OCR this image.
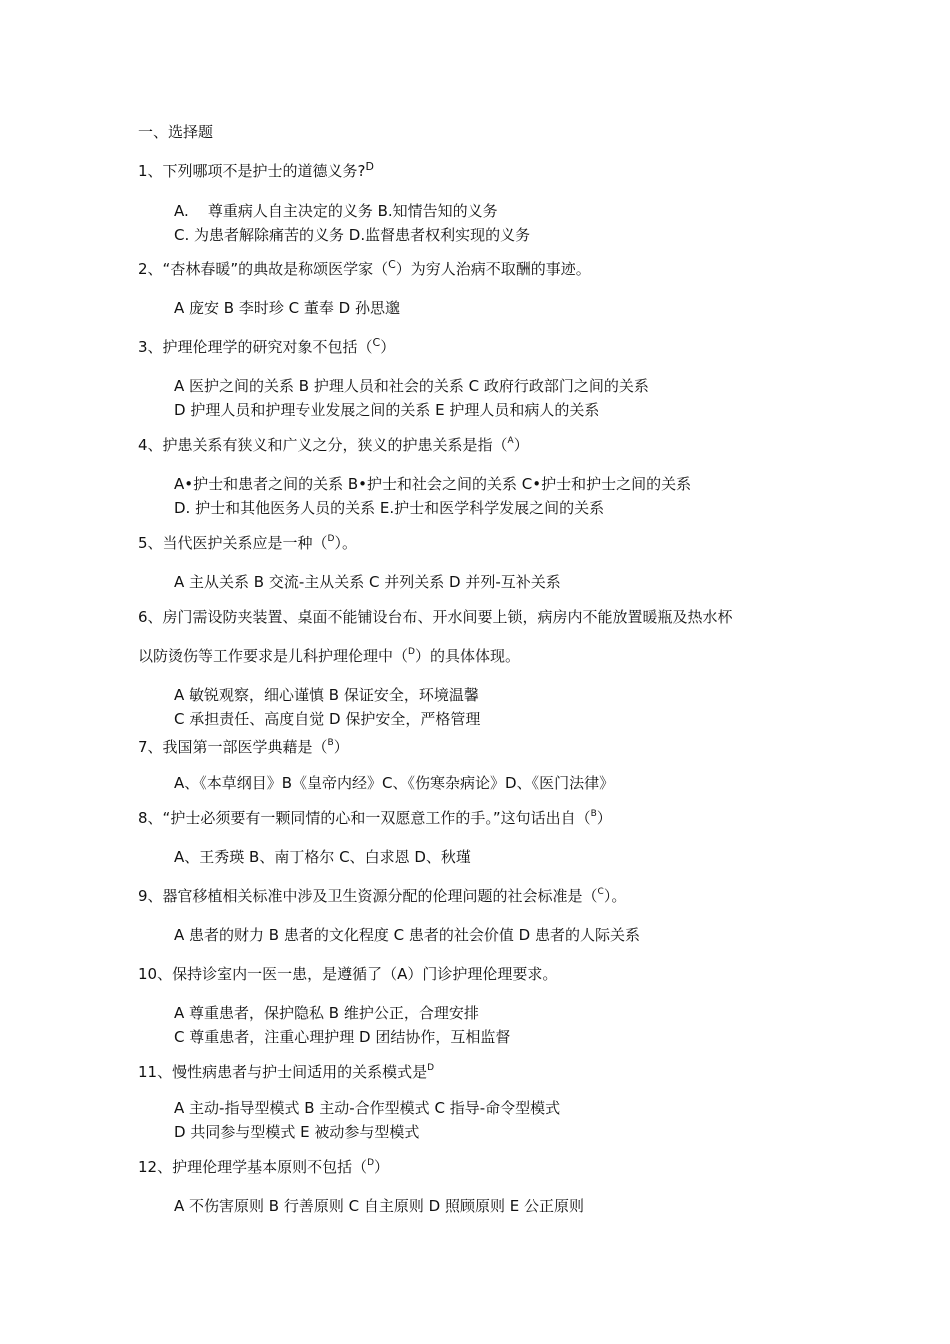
一、选择题
1、下列哪项不是护士的道德义务?$^D$
A.    尊重病人自主决定的义务 B.知情告知的义务
C. 为患者解除痛苦的义务 D.监督患者权利实现的义务
2、“杏林春暖”的典故是称颂医学家（$^C$）为穷人治病不取酬的事迹。
A 庞安 B 李时珍 C 董奉 D 孙思邈
3、护理伦理学的研究对象不包括（$^C$）
A 医护之间的关系 B 护理人员和社会的关系 C 政府行政部门之间的关系
D 护理人员和护理专业发展之间的关系 E 护理人员和病人的关系
4、护患关系有狭义和广义之分，狭义的护患关系是指（$^A$）
A•护士和患者之间的关系 B•护士和社会之间的关系 C•护士和护士之间的关系
D. 护士和其他医务人员的关系 E.护士和医学科学发展之间的关系
5、当代医护关系应是一种（$^D$）。
A 主从关系 B 交流-主从关系 C 并列关系 D 并列-互补关系
6、房门需设防夹装置、桌面不能铺设台布、开水间要上锁，病房内不能放置暖瓶及热水杯
以防烫伤等工作要求是儿科护理伦理中（$^D$）的具体体现。
A 敏锐观察，细心谨慎 B 保证安全，环境温馨
C 承担责任、高度自觉 D 保护安全，严格管理
7、我国第一部医学典藉是（$^B$）
A、《本草纲目》B《皇帝内经》C、《伤寒杂病论》D、《医门法律》
8、“护士必须要有一颗同情的心和一双愿意工作的手。”这句话出自（$^B$）
A、王秀瑛 B、南丁格尔 C、白求恩 D、秋瑾
9、器官移植相关标准中涉及卫生资源分配的伦理问题的社会标准是（$^C$）。
A 患者的财力 B 患者的文化程度 C 患者的社会价值 D 患者的人际关系
10、保持诊室内一医一患，是遵循了（A）门诊护理伦理要求。
A 尊重患者，保护隐私 B 维护公正，合理安排
C 尊重患者，注重心理护理 D 团结协作，互相监督
11、慢性病患者与护士间适用的关系模式是$^D$
A 主动-指导型模式 B 主动-合作型模式 C 指导-命令型模式
D 共同参与型模式 E 被动参与型模式
12、护理伦理学基本原则不包括（$^D$）
A 不伤害原则 B 行善原则 C 自主原则 D 照顾原则 E 公正原则
